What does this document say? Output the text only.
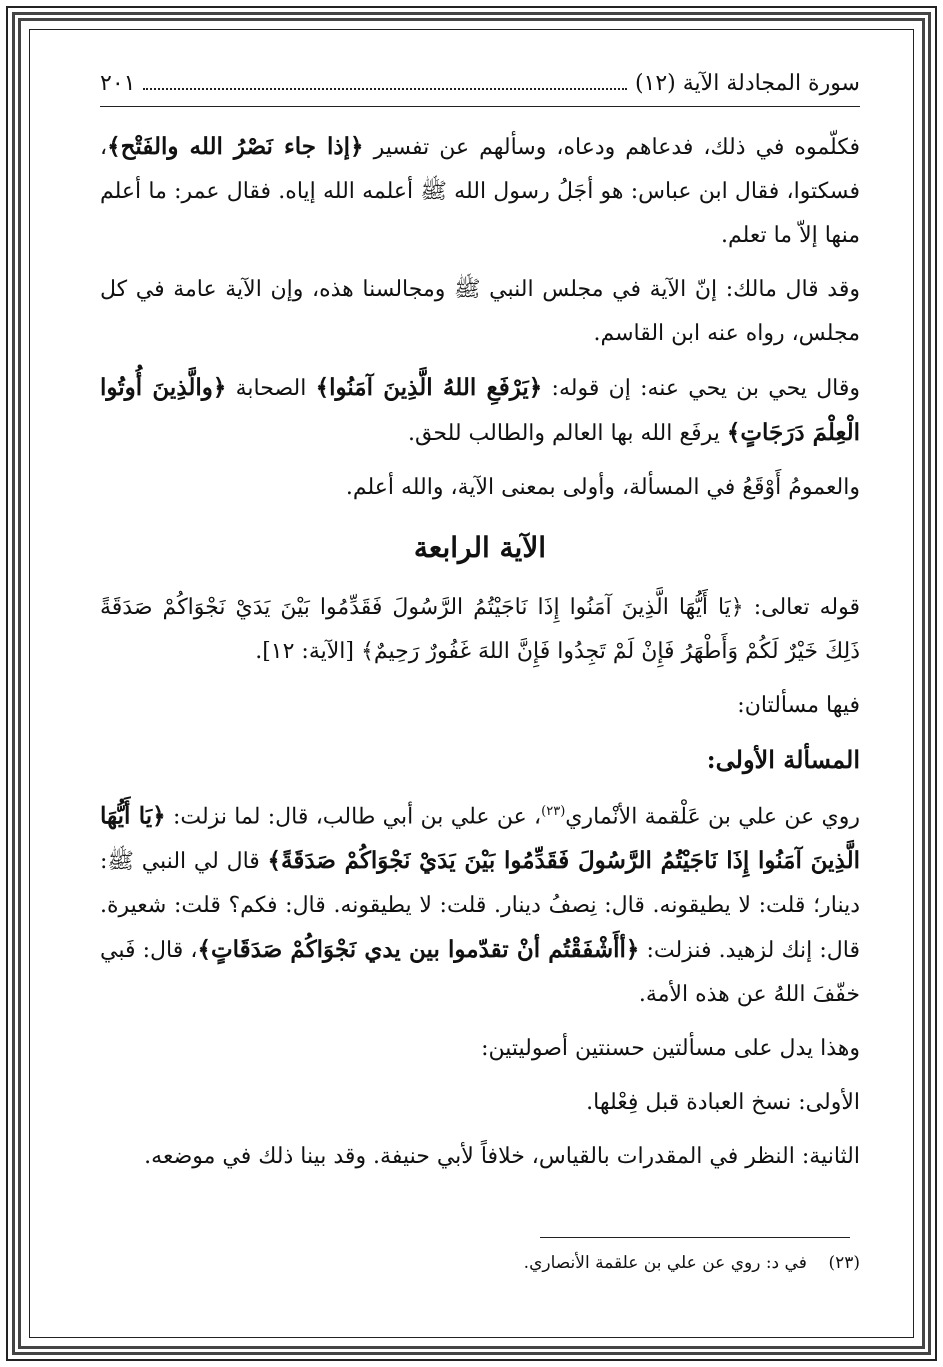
سورة المجادلة الآية (١٢)
٢٠١

فكلّموه في ذلك، فدعاهم ودعاه، وسألهم عن تفسير ﴿إذا جاء نَصْرُ الله والفَتْح﴾، فسكتوا، فقال ابن عباس: هو أجَلُ رسول الله ﷺ أعلمه الله إياه. فقال عمر: ما أعلم منها إلاّ ما تعلم.

وقد قال مالك: إنّ الآية في مجلس النبي ﷺ ومجالسنا هذه، وإن الآية عامة في كل مجلس، رواه عنه ابن القاسم.

وقال يحي بن يحي عنه: إن قوله: ﴿يَرْفَعِ اللهُ الَّذِينَ آمَنُوا﴾ الصحابة ﴿والَّذِينَ أُوتُوا الْعِلْمَ دَرَجَاتٍ﴾ يرفَع الله بها العالم والطالب للحق.

والعمومُ أَوْقَعُ في المسألة، وأولى بمعنى الآية، والله أعلم.

الآية الرابعة

قوله تعالى: ﴿يَا أَيُّهَا الَّذِينَ آمَنُوا إِذَا نَاجَيْتُمُ الرَّسُولَ فَقَدِّمُوا بَيْنَ يَدَيْ نَجْوَاكُمْ صَدَقَةً ذَلِكَ خَيْرٌ لَكُمْ وَأَطْهَرُ فَإِنْ لَمْ تَجِدُوا فَإِنَّ اللهَ غَفُورٌ رَحِيمٌ﴾ [الآية: ١٢].

فيها مسألتان:

المسألة الأولى:

روي عن علي بن عَلْقمة الأنْماري$^{(٢٣)}$، عن علي بن أبي طالب، قال: لما نزلت: ﴿يَا أَيُّهَا الَّذِينَ آمَنُوا إِذَا نَاجَيْتُمُ الرَّسُولَ فَقَدِّمُوا بَيْنَ يَدَيْ نَجْوَاكُمْ صَدَقَةً﴾ قال لي النبي ﷺ: دينار؛ قلت: لا يطيقونه. قال: نِصفُ دينار. قلت: لا يطيقونه. قال: فكم؟ قلت: شعيرة. قال: إنك لزهيد. فنزلت: ﴿أأَشْفَقْتُم أنْ تقدّموا بين يدي نَجْوَاكُمْ صَدَقَاتٍ﴾، قال: فَبي خفّفَ اللهُ عن هذه الأمة.

وهذا يدل على مسألتين حسنتين أصوليتين:

الأولى: نسخ العبادة قبل فِعْلها.

الثانية: النظر في المقدرات بالقياس، خلافاً لأبي حنيفة. وقد بينا ذلك في موضعه.

(٢٣)    في د: روي عن علي بن علقمة الأنصاري.
